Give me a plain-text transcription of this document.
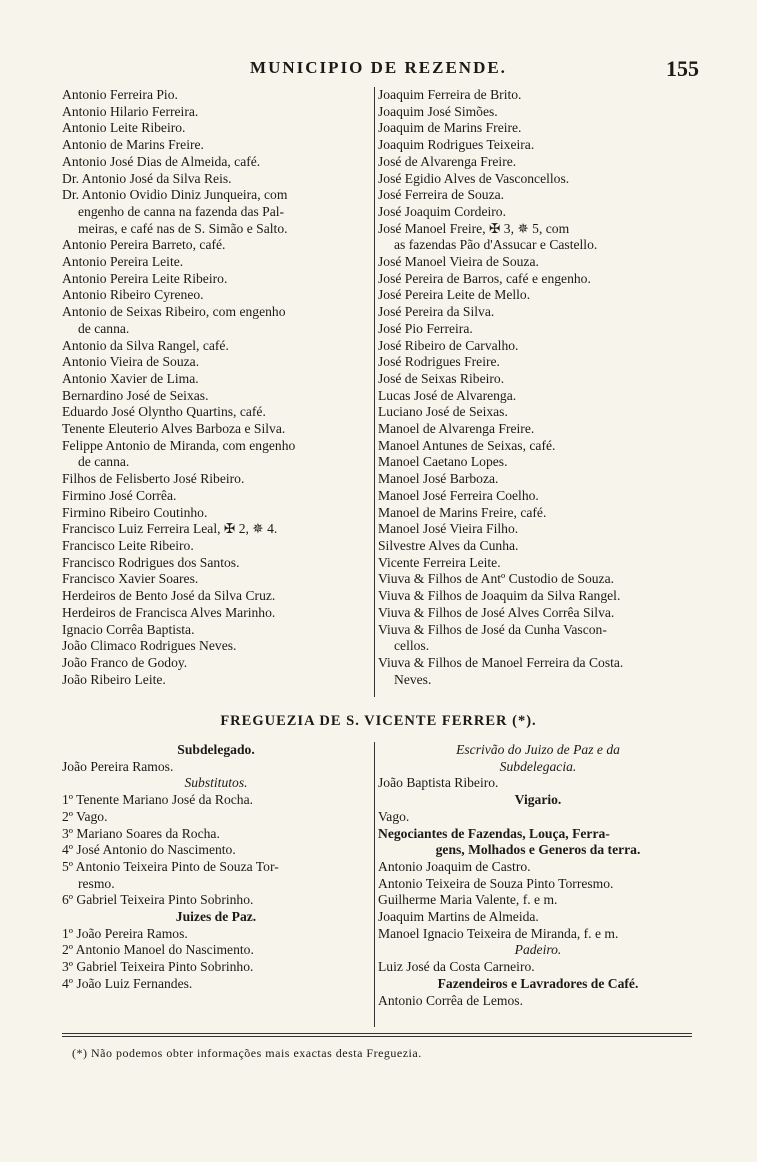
MUNICIPIO DE REZENDE.	155
Antonio Ferreira Pio.
Antonio Hilario Ferreira.
Antonio Leite Ribeiro.
Antonio de Marins Freire.
Antonio José Dias de Almeida, café.
Dr. Antonio José da Silva Reis.
Dr. Antonio Ovidio Diniz Junqueira, com
engenho de canna na fazenda das Pal-
meiras, e café nas de S. Simão e Salto.
Antonio Pereira Barreto, café.
Antonio Pereira Leite.
Antonio Pereira Leite Ribeiro.
Antonio Ribeiro Cyreneo.
Antonio de Seixas Ribeiro, com engenho
de canna.
Antonio da Silva Rangel, café.
Antonio Vieira de Souza.
Antonio Xavier de Lima.
Bernardino José de Seixas.
Eduardo José Olyntho Quartins, café.
Tenente Eleuterio Alves Barboza e Silva.
Felippe Antonio de Miranda, com engenho
de canna.
Filhos de Felisberto José Ribeiro.
Firmino José Corrêa.
Firmino Ribeiro Coutinho.
Francisco Luiz Ferreira Leal, ✠ 2, ✵ 4.
Francisco Leite Ribeiro.
Francisco Rodrigues dos Santos.
Francisco Xavier Soares.
Herdeiros de Bento José da Silva Cruz.
Herdeiros de Francisca Alves Marinho.
Ignacio Corrêa Baptista.
João Climaco Rodrigues Neves.
João Franco de Godoy.
João Ribeiro Leite.
Joaquim Ferreira de Brito.
Joaquim José Simões.
Joaquim de Marins Freire.
Joaquim Rodrigues Teixeira.
José de Alvarenga Freire.
José Egidio Alves de Vasconcellos.
José Ferreira de Souza.
José Joaquim Cordeiro.
José Manoel Freire, ✠ 3, ✵ 5, com
as fazendas Pão d'Assucar e Castello.
José Manoel Vieira de Souza.
José Pereira de Barros, café e engenho.
José Pereira Leite de Mello.
José Pereira da Silva.
José Pio Ferreira.
José Ribeiro de Carvalho.
José Rodrigues Freire.
José de Seixas Ribeiro.
Lucas José de Alvarenga.
Luciano José de Seixas.
Manoel de Alvarenga Freire.
Manoel Antunes de Seixas, café.
Manoel Caetano Lopes.
Manoel José Barboza.
Manoel José Ferreira Coelho.
Manoel de Marins Freire, café.
Manoel José Vieira Filho.
Silvestre Alves da Cunha.
Vicente Ferreira Leite.
Viuva & Filhos de Antº Custodio de Souza.
Viuva & Filhos de Joaquim da Silva Rangel.
Viuva & Filhos de José Alves Corrêa Silva.
Viuva & Filhos de José da Cunha Vascon-
cellos.
Viuva & Filhos de Manoel Ferreira da Costa.
Neves.
FREGUEZIA DE S. VICENTE FERRER (*).
Subdelegado.
João Pereira Ramos.
Substitutos.
1º Tenente Mariano José da Rocha.
2º Vago.
3º Mariano Soares da Rocha.
4º José Antonio do Nascimento.
5º Antonio Teixeira Pinto de Souza Tor-
resmo.
6º Gabriel Teixeira Pinto Sobrinho.
Juizes de Paz.
1º João Pereira Ramos.
2º Antonio Manoel do Nascimento.
3º Gabriel Teixeira Pinto Sobrinho.
4º João Luiz Fernandes.
Escrivão do Juizo de Paz e da
Subdelegacia.
João Baptista Ribeiro.
Vigario.
Vago.
Negociantes de Fazendas, Louça, Ferra-
gens, Molhados e Generos da terra.
Antonio Joaquim de Castro.
Antonio Teixeira de Souza Pinto Torresmo.
Guilherme Maria Valente, f. e m.
Joaquim Martins de Almeida.
Manoel Ignacio Teixeira de Miranda, f. e m.
Padeiro.
Luiz José da Costa Carneiro.
Fazendeiros e Lavradores de Café.
Antonio Corrêa de Lemos.
(*) Não podemos obter informações mais exactas desta Freguezia.
